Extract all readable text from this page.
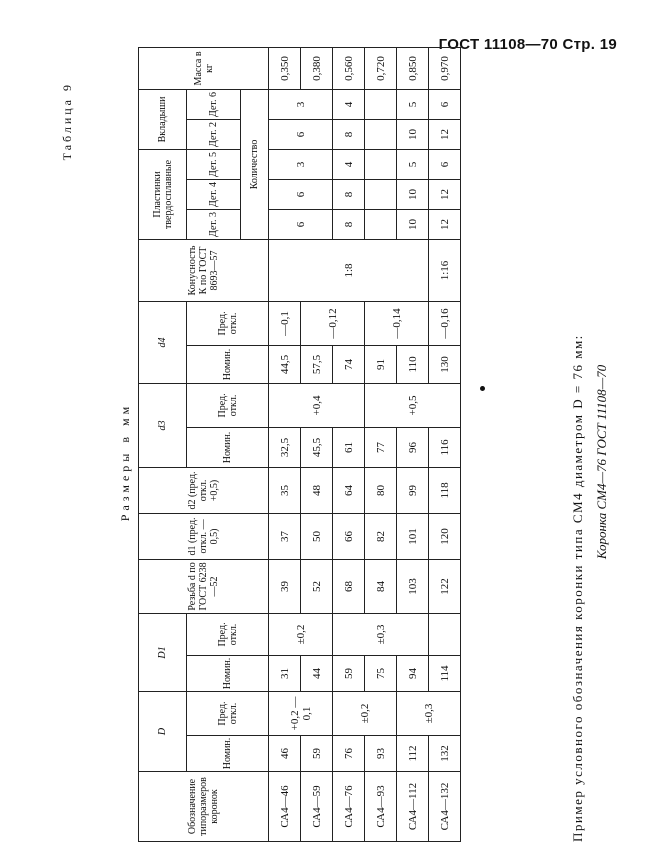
ГОСТ 11108—70 Стр. 19
Таблица 9
Размеры в мм
Обозначение типоразмеров коронок	D		D1		Резьба d по ГОСТ 6238—52	d1 (пред. откл. —0,5)	d2 (пред. откл. +0,5)	d3		d4		Конусность К по ГОСТ 8693—57	Пластинки твердосплавные			Вкладыши		Масса в кг
	Номин.	Пред. откл.	Номин.	Пред. откл.				Номин.	Пред. откл.	Номин.	Пред. откл.		Дет. 3	Дет. 4	Дет. 5	Дет. 2	Дет. 6	
													Количество					
СА4—46	46	+0,2 —0,1	31	±0,2	39	37	35	32,5	+0,4	44,5	—0,1	1:8	6	6	3	6	3	0,350
СА4—59	59		44		52	50	48	45,5		57,5	—0,12							0,380
СА4—76	76	±0,2	59	±0,3	68	66	64	61		74			8	8	4	8	4	0,560
СА4—93	93		75		84	82	80	77	+0,5	91	—0,14							0,720
СА4—112	112	±0,3	94		103	101	99	96		110			10	10	5	10	5	0,850
СА4—132	132		114		122	120	118	116		130	—0,16	1:16	12	12	6	12	6	0,970
Пример условного обозначения коронки типа СМ4 диаметром D = 76 мм: Коронка СМ4—76 ГОСТ 11108—70
